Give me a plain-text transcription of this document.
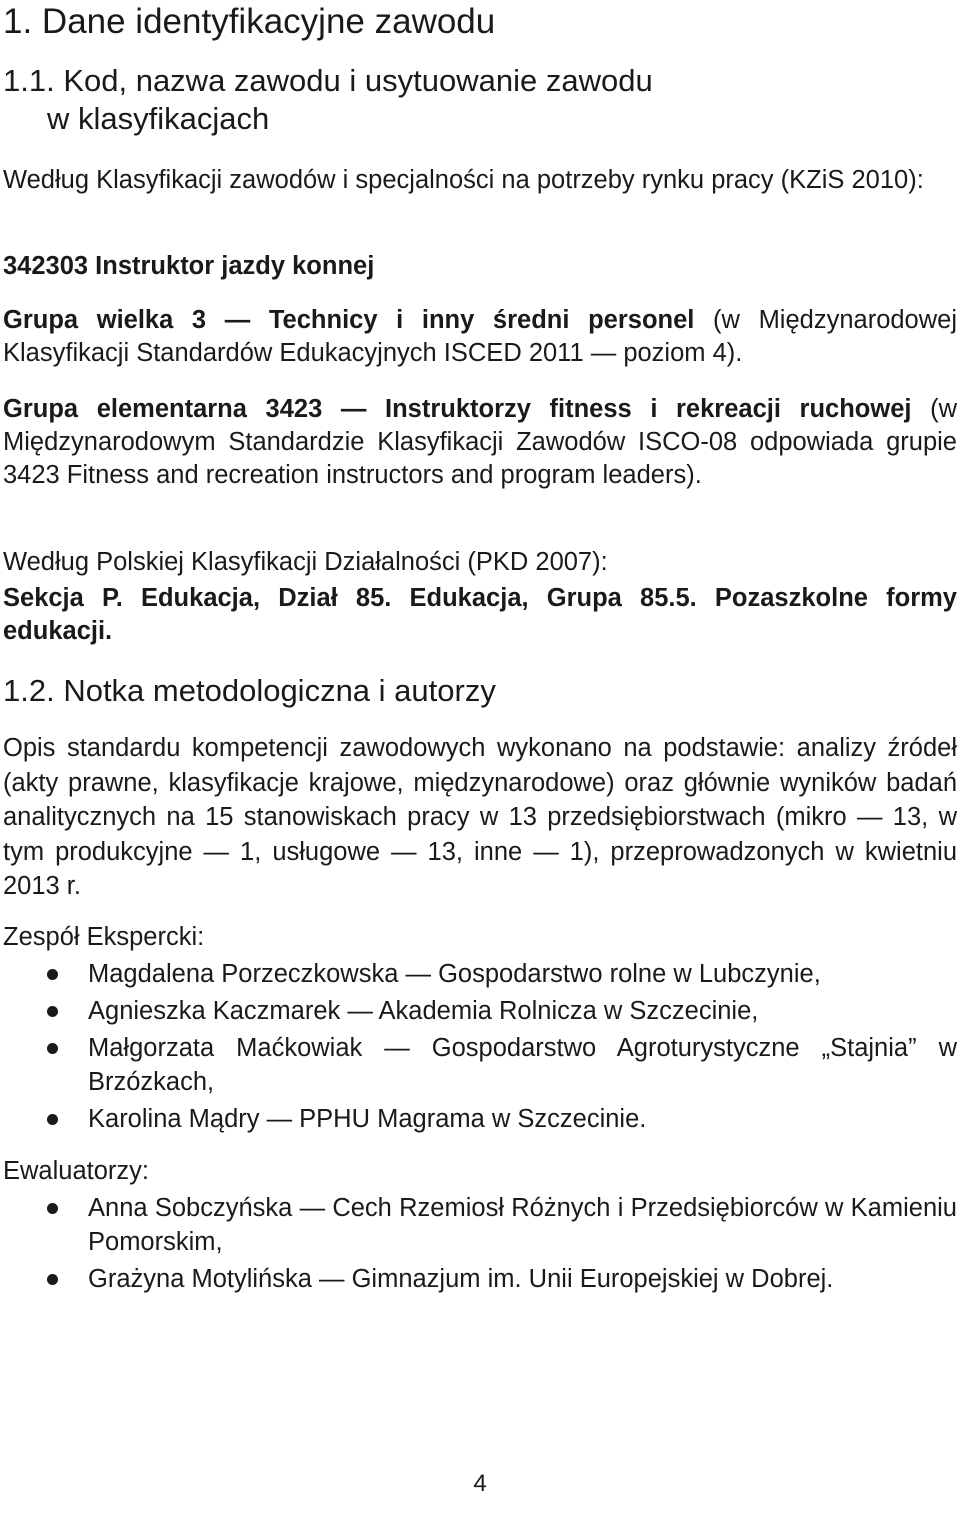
1. Dane identyfikacyjne zawodu
1.1. Kod, nazwa zawodu i usytuowanie zawodu
w klasyfikacjach

Według Klasyfikacji zawodów i specjalności na potrzeby rynku pracy (KZiS 2010):

342303 Instruktor jazdy konnej

Grupa wielka 3 — Technicy i inny średni personel (w Międzynarodowej Klasyfikacji Standardów Edukacyjnych ISCED 2011 — poziom 4).

Grupa elementarna 3423 — Instruktorzy fitness i rekreacji ruchowej (w Międzynarodowym Standardzie Klasyfikacji Zawodów ISCO-08 odpowiada grupie 3423 Fitness and recreation instructors and program leaders).

Według Polskiej Klasyfikacji Działalności (PKD 2007):

Sekcja P. Edukacja, Dział 85. Edukacja, Grupa 85.5. Pozaszkolne formy edukacji.

1.2. Notka metodologiczna i autorzy

Opis standardu kompetencji zawodowych wykonano na podstawie: analizy źródeł (akty prawne, klasyfikacje krajowe, międzynarodowe) oraz głównie wyników badań analitycznych na 15 stanowiskach pracy w 13 przedsiębiorstwach (mikro — 13, w tym produkcyjne — 1, usługowe — 13, inne — 1), przeprowadzonych w kwietniu 2013 r.

Zespół Ekspercki:

Magdalena Porzeczkowska — Gospodarstwo rolne w Lubczynie,
Agnieszka Kaczmarek — Akademia Rolnicza w Szczecinie,
Małgorzata Maćkowiak — Gospodarstwo Agroturystyczne „Stajnia” w Brzózkach,
Karolina Mądry — PPHU Magrama w Szczecinie.

Ewaluatorzy:

Anna Sobczyńska — Cech Rzemiosł Różnych i Przedsiębiorców w Kamieniu Pomorskim,
Grażyna Motylińska — Gimnazjum im. Unii Europejskiej w Dobrej.
4
